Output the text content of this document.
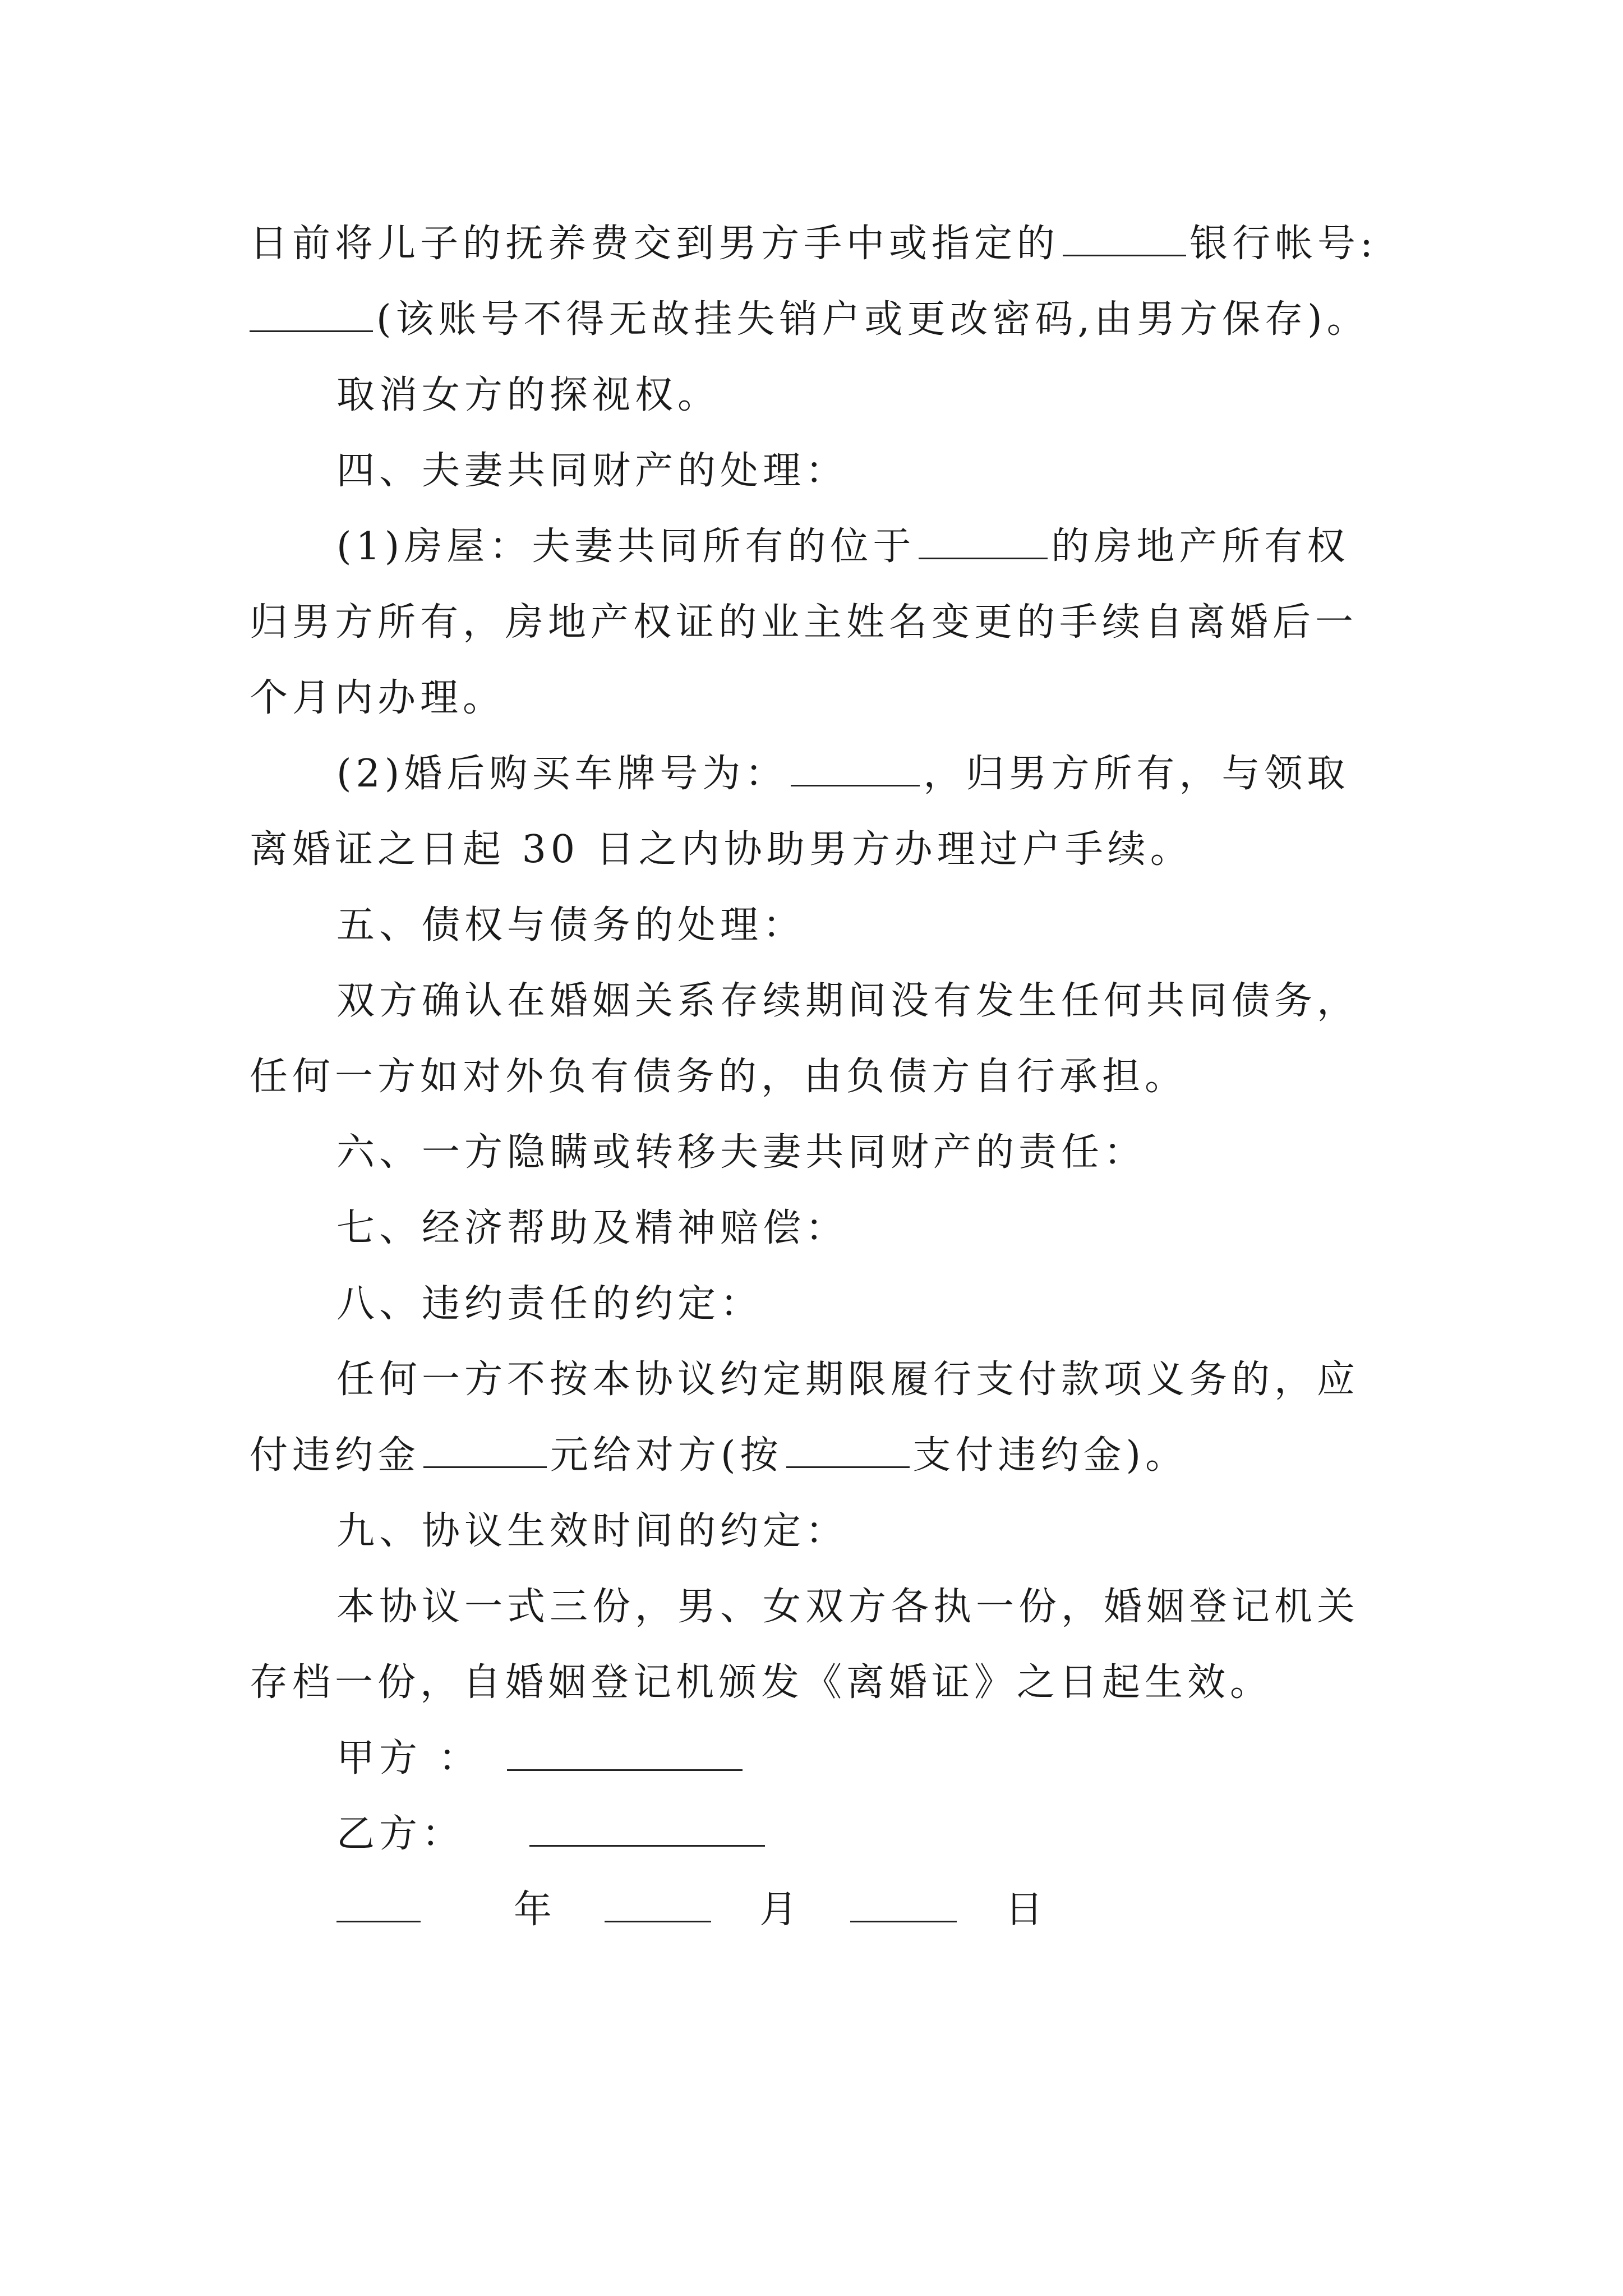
日前将儿子的抚养费交到男方手中或指定的	银行帐号:
(该账号不得无故挂失销户或更改密码,由男方保存)。
取消女方的探视权。
四、夫妻共同财产的处理：
(1)房屋：夫妻共同所有的位于	的房地产所有权
归男方所有，房地产权证的业主姓名变更的手续自离婚后一
个月内办理。
(2)婚后购买车牌号为：	，归男方所有，与领取
离婚证之日起 30 日之内协助男方办理过户手续。
五、债权与债务的处理：
双方确认在婚姻关系存续期间没有发生任何共同债务，
任何一方如对外负有债务的，由负债方自行承担。
六、一方隐瞒或转移夫妻共同财产的责任：
七、经济帮助及精神赔偿：
八、违约责任的约定：
任何一方不按本协议约定期限履行支付款项义务的，应
付违约金	元给对方(按	支付违约金)。
九、协议生效时间的约定：
本协议一式三份，男、女双方各执一份，婚姻登记机关
存档一份，自婚姻登记机颁发《离婚证》之日起生效。
甲方 ：
乙方：
年	月	日
